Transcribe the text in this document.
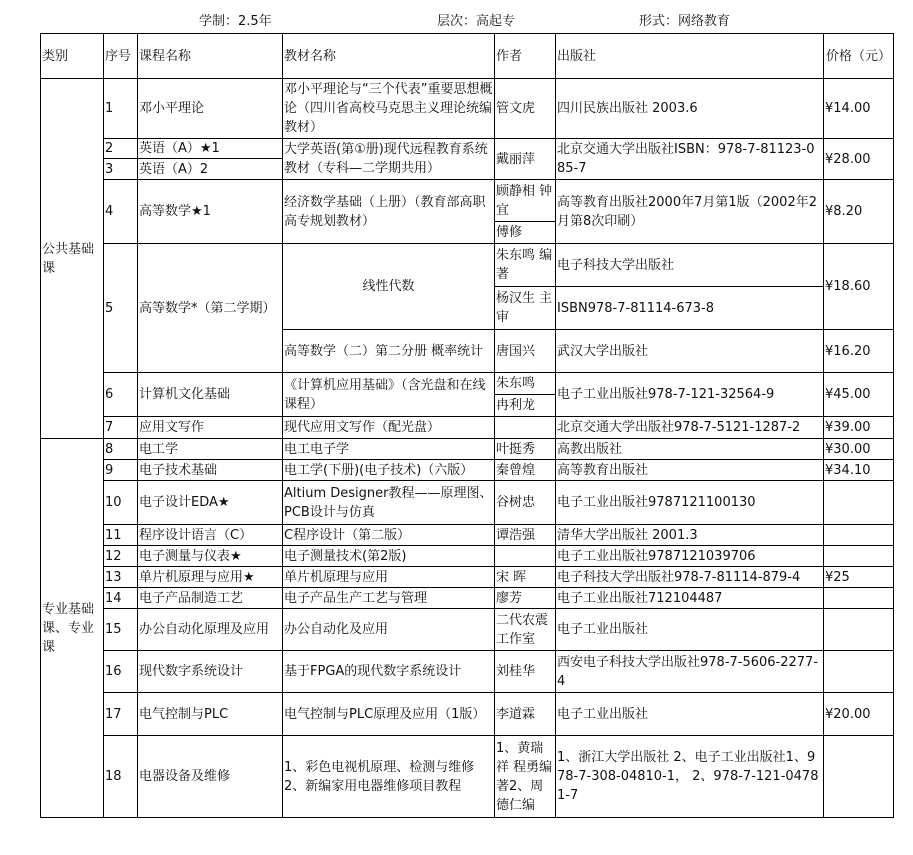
学制：2.5年	层次：高起专	形式：网络教育
类别	序号	课程名称	教材名称	作者	出版社	价格（元）
公共基础课	1	邓小平理论	邓小平理论与“三个代表”重要思想概论（四川省高校马克思主义理论统编教材）	管文虎	四川民族出版社 2003.6	¥14.00
	2	英语（A）★1	大学英语(第①册)现代远程教育系统教材（专科—二学期共用）	戴丽萍	北京交通大学出版社ISBN：978-7-81123-085-7	¥28.00
	3	英语（A）2				
	4	高等数学★1	经济数学基础（上册）（教育部高职高专规划教材）	顾静相 钟宜	高等教育出版社2000年7月第1版（2002年2月第8次印刷）	¥8.20
				傅修		
	5	高等数学*（第二学期）	线性代数	朱东鸣 编著	电子科技大学出版社	¥18.60
				杨汉生 主审	ISBN978-7-81114-673-8	
			高等数学（二）第二分册 概率统计	唐国兴	武汉大学出版社	¥16.20
	6	计算机文化基础	《计算机应用基础》（含光盘和在线课程）	朱东鸣	电子工业出版社978-7-121-32564-9	¥45.00
				冉利龙		
	7	应用文写作	现代应用文写作（配光盘）		北京交通大学出版社978-7-5121-1287-2	¥39.00
专业基础课、专业课	8	电工学	电工电子学	叶挺秀	高教出版社	¥30.00
	9	电子技术基础	电工学(下册)(电子技术)（六版）	秦曾煌	高等教育出版社	¥34.10
	10	电子设计EDA★	Altium Designer教程——原理图、PCB设计与仿真	谷树忠	电子工业出版社9787121100130	
	11	程序设计语言（C）	C程序设计（第二版）	谭浩强	清华大学出版社 2001.3	
	12	电子测量与仪表★	电子测量技术(第2版)		电子工业出版社9787121039706	
	13	单片机原理与应用★	单片机原理与应用	宋 晖	电子科技大学出版社978-7-81114-879-4	¥25
	14	电子产品制造工艺	电子产品生产工艺与管理	廖芳	电子工业出版社712104487	
	15	办公自动化原理及应用	办公自动化及应用	二代农震工作室	电子工业出版社	
	16	现代数字系统设计	基于FPGA的现代数字系统设计	刘桂华	西安电子科技大学出版社978-7-5606-2277-4	
	17	电气控制与PLC	电气控制与PLC原理及应用（1版）	李道霖	电子工业出版社	¥20.00
	18	电器设备及维修	1、彩色电视机原理、检测与维修 2、新编家用电器维修项目教程	1、黄瑞祥 程勇编著2、周德仁编	1、浙江大学出版社 2、电子工业出版社1、978-7-308-04810-1， 2、978-7-121-04781-7	
